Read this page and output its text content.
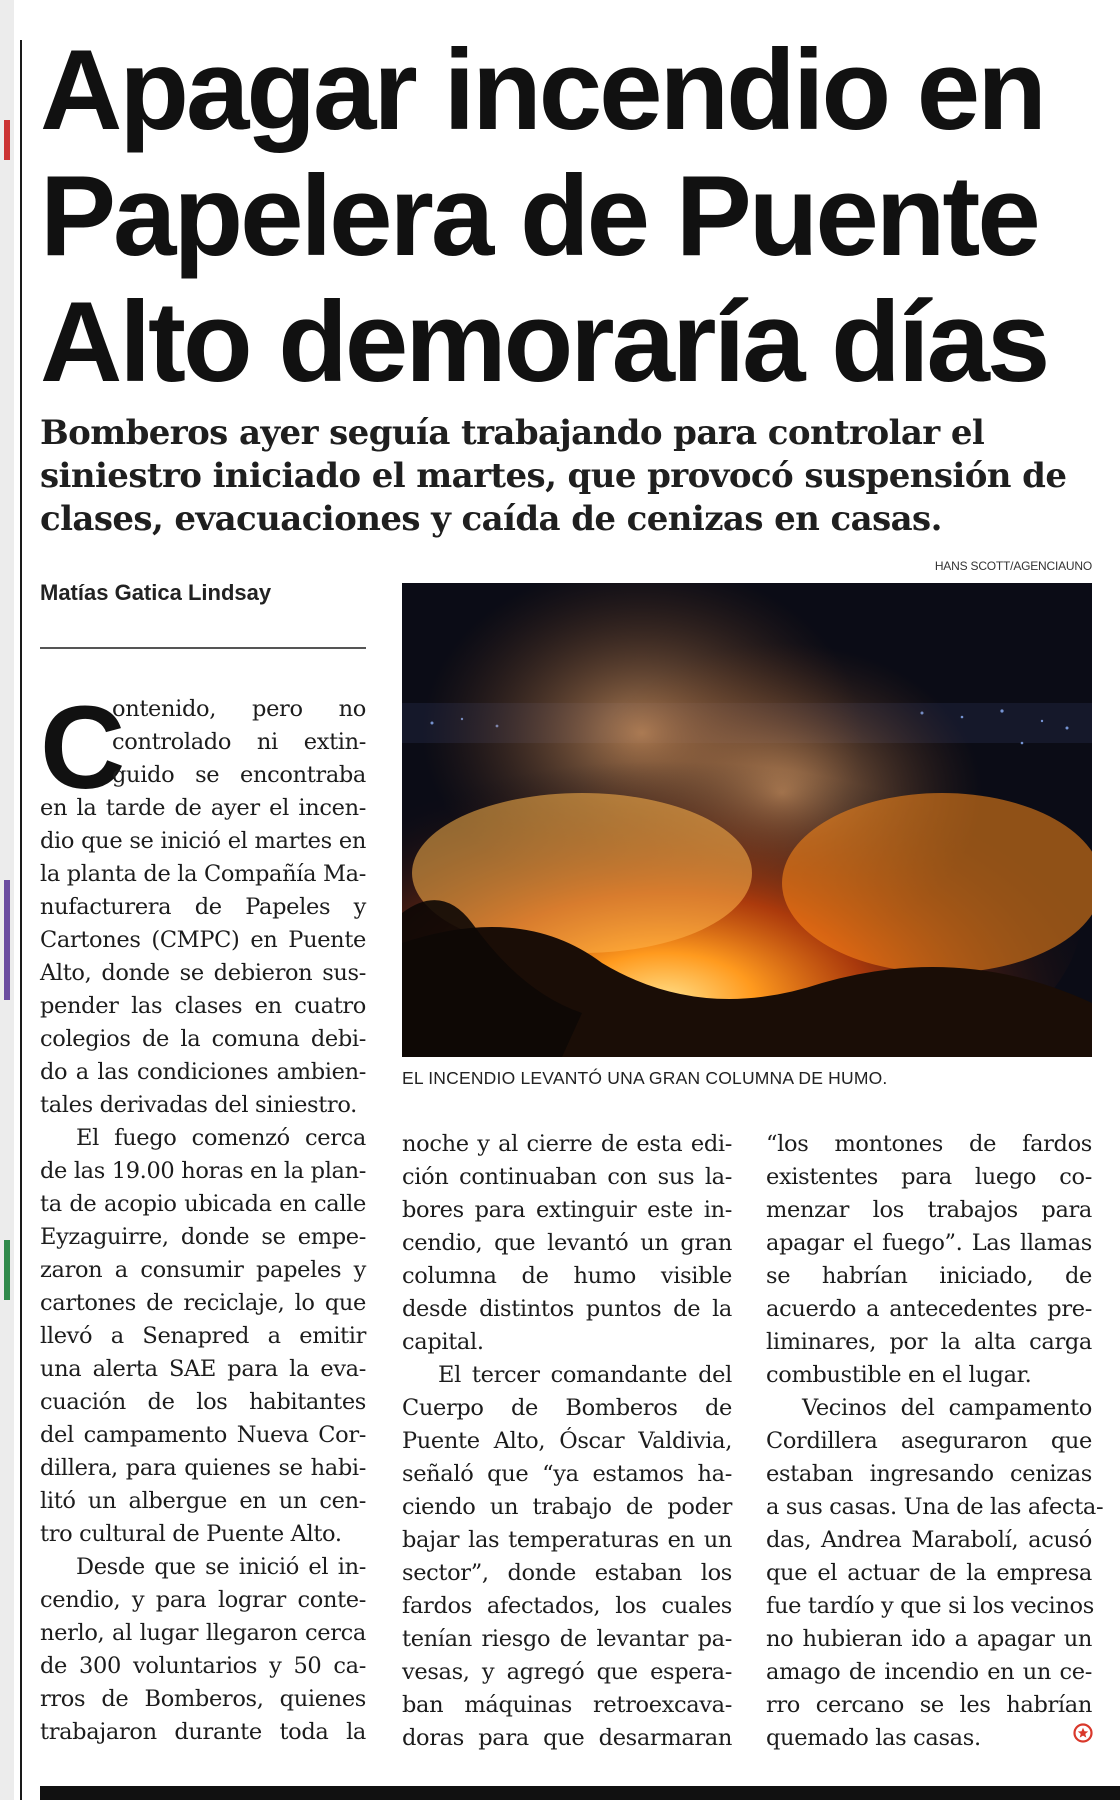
Apagar incendio en
Papelera de Puente
Alto demoraría días
Bomberos ayer seguía trabajando para controlar el
siniestro iniciado el martes, que provocó suspensión de
clases, evacuaciones y caída de cenizas en casas.
HANS SCOTT/AGENCIAUNO
Matías Gatica Lindsay
EL INCENDIO LEVANTÓ UNA GRAN COLUMNA DE HUMO.
C
ontenido, pero no
controlado ni extin-
guido se encontraba
en la tarde de ayer el incen-
dio que se inició el martes en
la planta de la Compañía Ma-
nufacturera de Papeles y
Cartones (CMPC) en Puente
Alto, donde se debieron sus-
pender las clases en cuatro
colegios de la comuna debi-
do a las condiciones ambien-
tales derivadas del siniestro.
El fuego comenzó cerca
de las 19.00 horas en la plan-
ta de acopio ubicada en calle
Eyzaguirre, donde se empe-
zaron a consumir papeles y
cartones de reciclaje, lo que
llevó a Senapred a emitir
una alerta SAE para la eva-
cuación de los habitantes
del campamento Nueva Cor-
dillera, para quienes se habi-
litó un albergue en un cen-
tro cultural de Puente Alto.
Desde que se inició el in-
cendio, y para lograr conte-
nerlo, al lugar llegaron cerca
de 300 voluntarios y 50 ca-
rros de Bomberos, quienes
trabajaron durante toda la
noche y al cierre de esta edi-
ción continuaban con sus la-
bores para extinguir este in-
cendio, que levantó un gran
columna de humo visible
desde distintos puntos de la
capital.
El tercer comandante del
Cuerpo de Bomberos de
Puente Alto, Óscar Valdivia,
señaló que “ya estamos ha-
ciendo un trabajo de poder
bajar las temperaturas en un
sector”, donde estaban los
fardos afectados, los cuales
tenían riesgo de levantar pa-
vesas, y agregó que espera-
ban máquinas retroexcava-
doras para que desarmaran
“los montones de fardos
existentes para luego co-
menzar los trabajos para
apagar el fuego”. Las llamas
se habrían iniciado, de
acuerdo a antecedentes pre-
liminares, por la alta carga
combustible en el lugar.
Vecinos del campamento
Cordillera aseguraron que
estaban ingresando cenizas
a sus casas. Una de las afecta-
das, Andrea Marabolí, acusó
que el actuar de la empresa
fue tardío y que si los vecinos
no hubieran ido a apagar un
amago de incendio en un ce-
rro cercano se les habrían
quemado las casas.
